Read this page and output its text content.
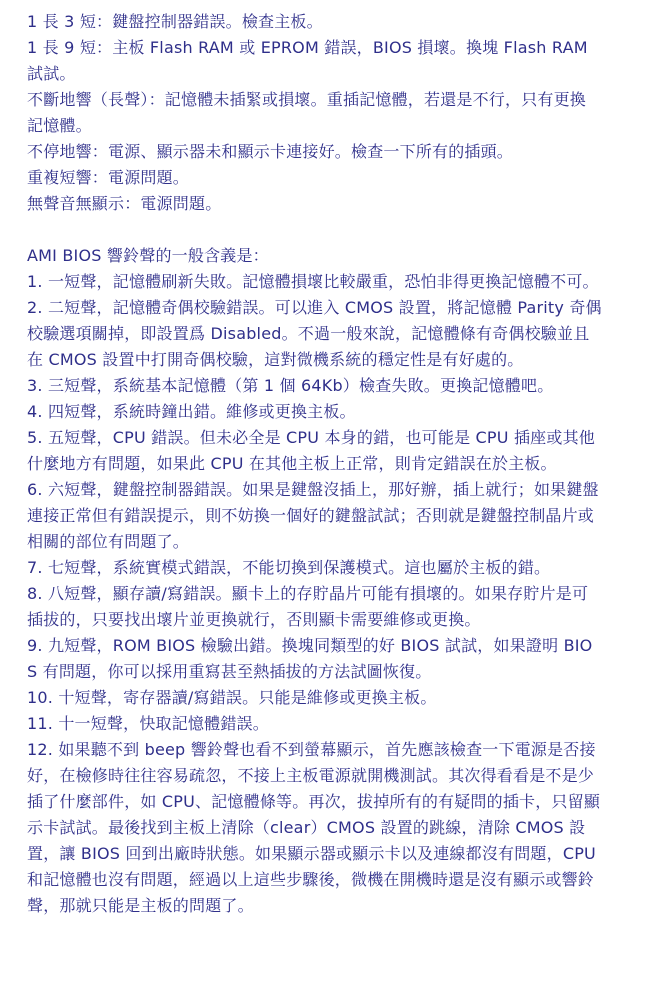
1 長 3 短：鍵盤控制器錯誤。檢查主板。

1 長 9 短：主板 Flash RAM 或 EPROM 錯誤，BIOS 損壞。換塊 Flash RAM 試試。

不斷地響（長聲）：記憶體未插緊或損壞。重插記憶體，若還是不行，只有更換記憶體。

不停地響：電源、顯示器未和顯示卡連接好。檢查一下所有的插頭。

重複短響：電源問題。

無聲音無顯示：電源問題。

AMI BIOS 響鈴聲的一般含義是：

1. 一短聲，記憶體刷新失敗。記憶體損壞比較嚴重，恐怕非得更換記憶體不可。

2. 二短聲，記憶體奇偶校驗錯誤。可以進入 CMOS 設置，將記憶體 Parity 奇偶校驗選項關掉，即設置爲 Disabled。不過一般來說，記憶體條有奇偶校驗並且在 CMOS 設置中打開奇偶校驗，這對微機系統的穩定性是有好處的。

3. 三短聲，系統基本記憶體（第 1 個 64Kb）檢查失敗。更換記憶體吧。

4. 四短聲，系統時鐘出錯。維修或更換主板。

5. 五短聲，CPU 錯誤。但未必全是 CPU 本身的錯，也可能是 CPU 插座或其他什麼地方有問題，如果此 CPU 在其他主板上正常，則肯定錯誤在於主板。

6. 六短聲，鍵盤控制器錯誤。如果是鍵盤沒插上，那好辦，插上就行；如果鍵盤連接正常但有錯誤提示，則不妨換一個好的鍵盤試試；否則就是鍵盤控制晶片或相關的部位有問題了。

7. 七短聲，系統實模式錯誤，不能切換到保護模式。這也屬於主板的錯。

8. 八短聲，顯存讀/寫錯誤。顯卡上的存貯晶片可能有損壞的。如果存貯片是可插拔的，只要找出壞片並更換就行，否則顯卡需要維修或更換。

9. 九短聲，ROM BIOS 檢驗出錯。換塊同類型的好 BIOS 試試，如果證明 BIOS 有問題，你可以採用重寫甚至熱插拔的方法試圖恢復。

10. 十短聲，寄存器讀/寫錯誤。只能是維修或更換主板。

11. 十一短聲，快取記憶體錯誤。

12. 如果聽不到 beep 響鈴聲也看不到螢幕顯示，首先應該檢查一下電源是否接好，在檢修時往往容易疏忽，不接上主板電源就開機測試。其次得看看是不是少插了什麼部件，如 CPU、記憶體條等。再次，拔掉所有的有疑問的插卡，只留顯示卡試試。最後找到主板上清除（clear）CMOS 設置的跳線，清除 CMOS 設置，讓 BIOS 回到出廠時狀態。如果顯示器或顯示卡以及連線都沒有問題，CPU 和記憶體也沒有問題，經過以上這些步驟後，微機在開機時還是沒有顯示或響鈴聲，那就只能是主板的問題了。
